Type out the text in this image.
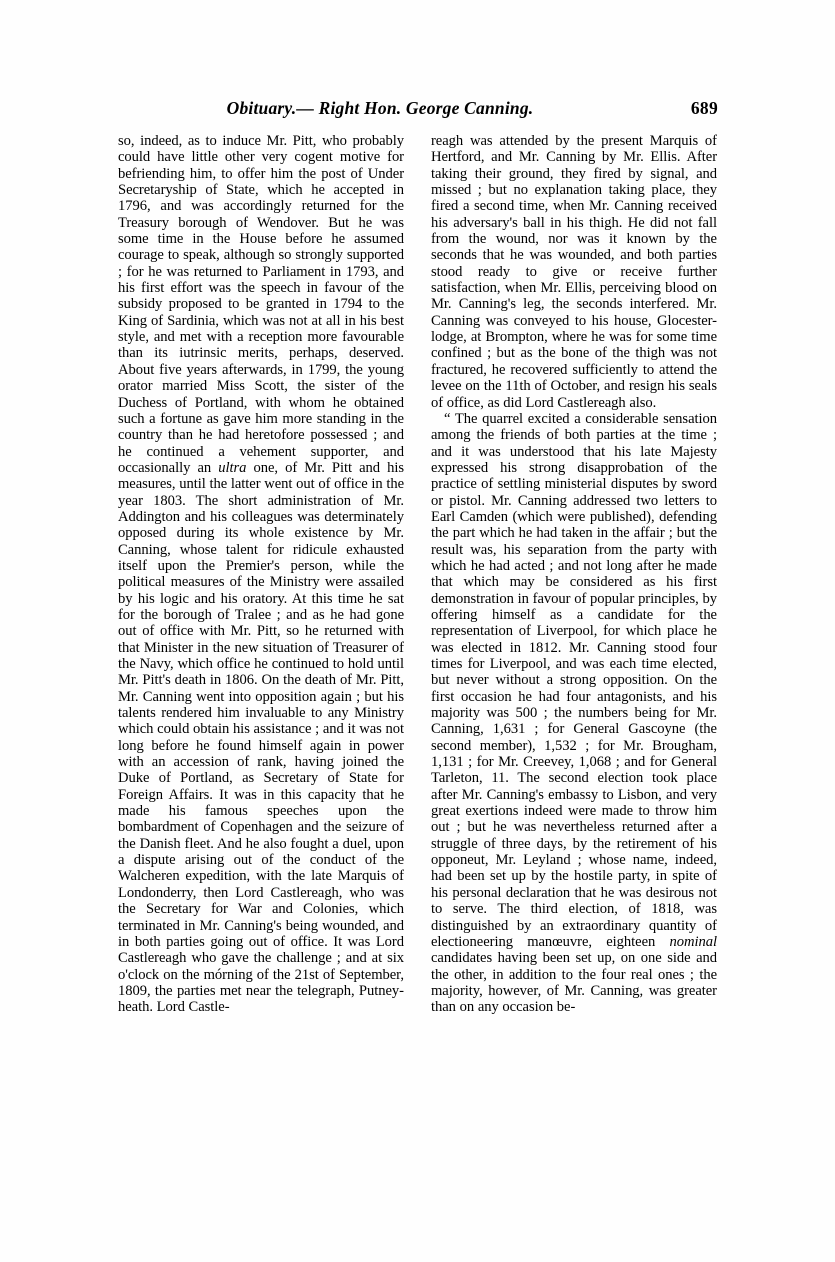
Obituary.— Right Hon. George Canning.	689

so, indeed, as to induce Mr. Pitt, who probably could have little other very cogent motive for befriending him, to offer him the post of Under Secretaryship of State, which he accepted in 1796, and was accordingly returned for the Treasury borough of Wendover. But he was some time in the House before he assumed courage to speak, although so strongly supported ; for he was returned to Parliament in 1793, and his first effort was the speech in favour of the subsidy proposed to be granted in 1794 to the King of Sardinia, which was not at all in his best style, and met with a reception more favourable than its iutrinsic merits, perhaps, deserved. About five years afterwards, in 1799, the young orator married Miss Scott, the sister of the Duchess of Portland, with whom he obtained such a fortune as gave him more standing in the country than he had heretofore possessed ; and he continued a vehement supporter, and occasionally an ultra one, of Mr. Pitt and his measures, until the latter went out of office in the year 1803. The short administration of Mr. Addington and his colleagues was determinately opposed during its whole existence by Mr. Canning, whose talent for ridicule exhausted itself upon the Premier's person, while the political measures of the Ministry were assailed by his logic and his oratory. At this time he sat for the borough of Tralee ; and as he had gone out of office with Mr. Pitt, so he returned with that Minister in the new situation of Treasurer of the Navy, which office he continued to hold until Mr. Pitt's death in 1806. On the death of Mr. Pitt, Mr. Canning went into opposition again ; but his talents rendered him invaluable to any Ministry which could obtain his assistance ; and it was not long before he found himself again in power with an accession of rank, having joined the Duke of Portland, as Secretary of State for Foreign Affairs. It was in this capacity that he made his famous speeches upon the bombardment of Copenhagen and the seizure of the Danish fleet. And he also fought a duel, upon a dispute arising out of the conduct of the Walcheren expedition, with the late Marquis of Londonderry, then Lord Castlereagh, who was the Secretary for War and Colonies, which terminated in Mr. Canning's being wounded, and in both parties going out of office. It was Lord Castlereagh who gave the challenge ; and at six o'clock on the mórning of the 21st of September, 1809, the parties met near the telegraph, Putney-heath. Lord Castle-

reagh was attended by the present Marquis of Hertford, and Mr. Canning by Mr. Ellis. After taking their ground, they fired by signal, and missed ; but no explanation taking place, they fired a second time, when Mr. Canning received his adversary's ball in his thigh. He did not fall from the wound, nor was it known by the seconds that he was wounded, and both parties stood ready to give or receive further satisfaction, when Mr. Ellis, perceiving blood on Mr. Canning's leg, the seconds interfered. Mr. Canning was conveyed to his house, Glocester-lodge, at Brompton, where he was for some time confined ; but as the bone of the thigh was not fractured, he recovered sufficiently to attend the levee on the 11th of October, and resign his seals of office, as did Lord Castlereagh also.

“ The quarrel excited a considerable sensation among the friends of both parties at the time ; and it was understood that his late Majesty expressed his strong disapprobation of the practice of settling ministerial disputes by sword or pistol. Mr. Canning addressed two letters to Earl Camden (which were published), defending the part which he had taken in the affair ; but the result was, his separation from the party with which he had acted ; and not long after he made that which may be considered as his first demonstration in favour of popular principles, by offering himself as a candidate for the representation of Liverpool, for which place he was elected in 1812. Mr. Canning stood four times for Liverpool, and was each time elected, but never without a strong opposition. On the first occasion he had four antagonists, and his majority was 500 ; the numbers being for Mr. Canning, 1,631 ; for General Gascoyne (the second member), 1,532 ; for Mr. Brougham, 1,131 ; for Mr. Creevey, 1,068 ; and for General Tarleton, 11. The second election took place after Mr. Canning's embassy to Lisbon, and very great exertions indeed were made to throw him out ; but he was nevertheless returned after a struggle of three days, by the retirement of his opponeut, Mr. Leyland ; whose name, indeed, had been set up by the hostile party, in spite of his personal declaration that he was desirous not to serve. The third election, of 1818, was distinguished by an extraordinary quantity of electioneering manœuvre, eighteen nominal candidates having been set up, on one side and the other, in addition to the four real ones ; the majority, however, of Mr. Canning, was greater than on any occasion be-
